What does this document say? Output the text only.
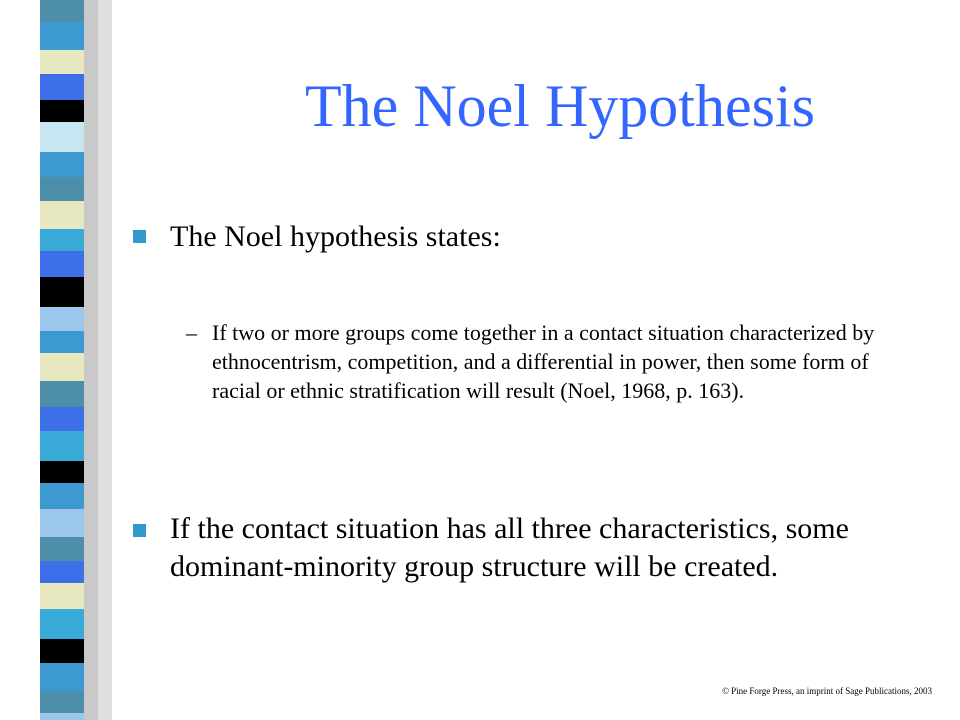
The Noel Hypothesis
The Noel hypothesis states:
– If two or more groups come together in a contact situation characterized by ethnocentrism, competition, and a differential in power, then some form of racial or ethnic stratification will result (Noel, 1968, p. 163).
If the contact situation has all three characteristics, some dominant-minority group structure will be created.
© Pine Forge Press, an imprint of Sage Publications, 2003
